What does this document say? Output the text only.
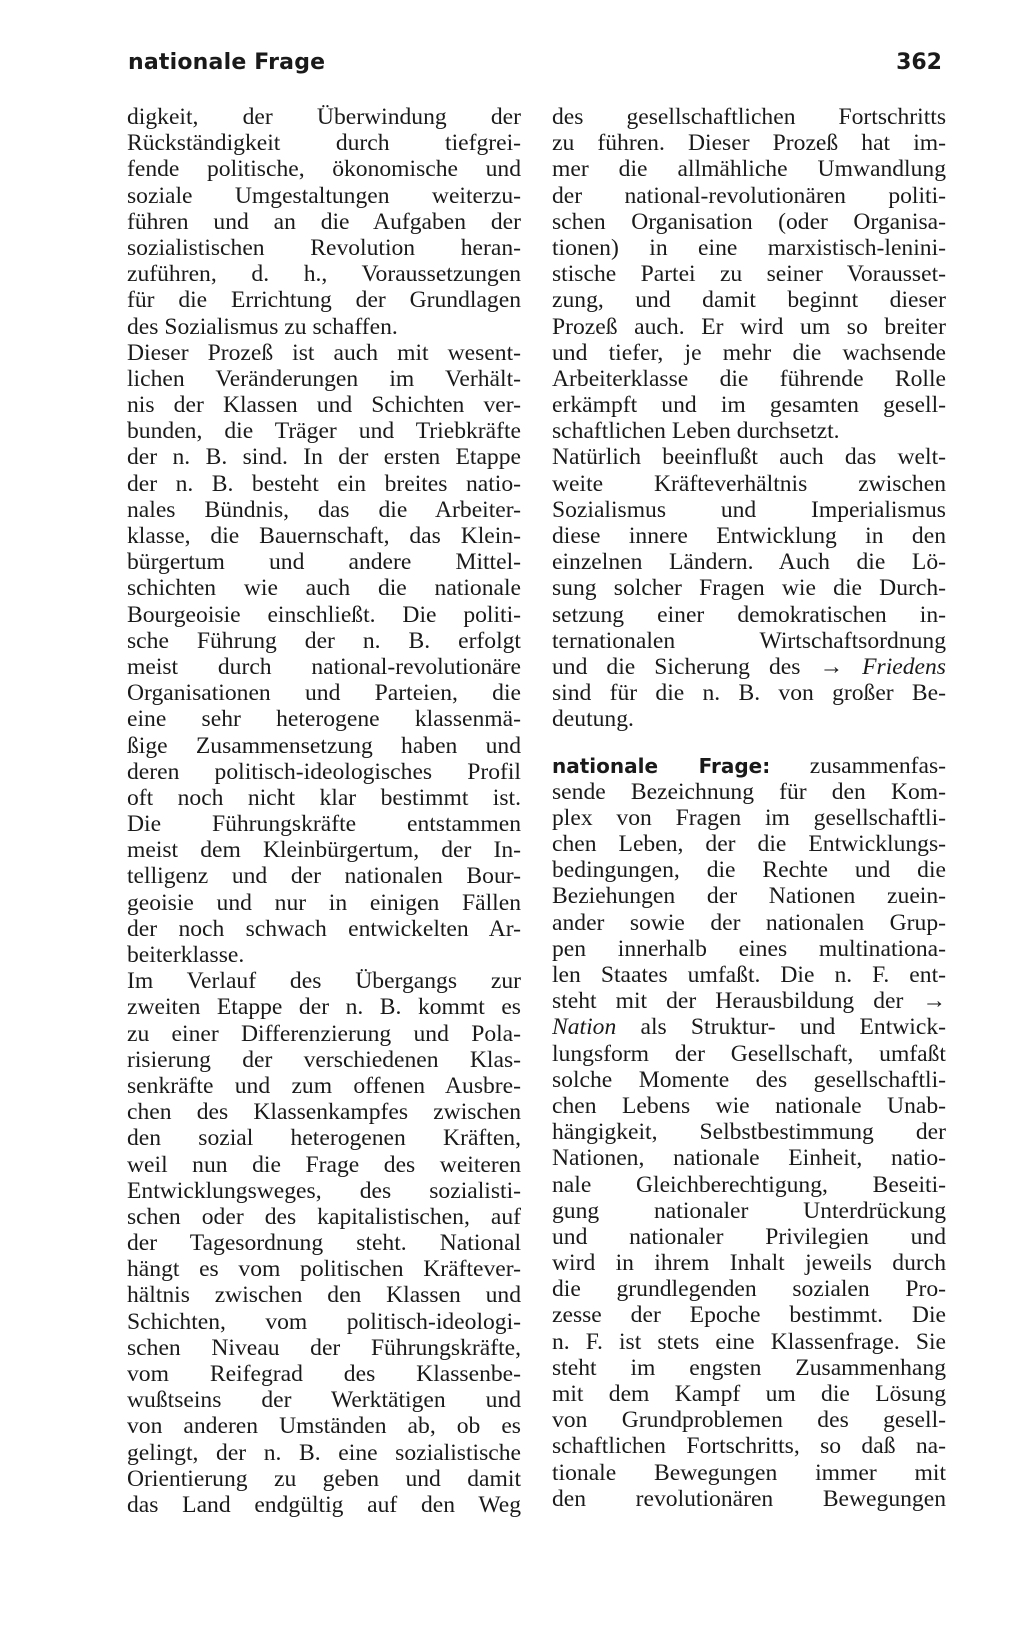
nationale Frage	362
digkeit, der Überwindung der
Rückständigkeit durch tiefgrei-
fende politische, ökonomische und
soziale Umgestaltungen weiterzu-
führen und an die Aufgaben der
sozialistischen Revolution heran-
zuführen, d. h., Voraussetzungen
für die Errichtung der Grundlagen
des Sozialismus zu schaffen.
Dieser Prozeß ist auch mit wesent-
lichen Veränderungen im Verhält-
nis der Klassen und Schichten ver-
bunden, die Träger und Triebkräfte
der n. B. sind. In der ersten Etappe
der n. B. besteht ein breites natio-
nales Bündnis, das die Arbeiter-
klasse, die Bauernschaft, das Klein-
bürgertum und andere Mittel-
schichten wie auch die nationale
Bourgeoisie einschließt. Die politi-
sche Führung der n. B. erfolgt
meist durch national-revolutionäre
Organisationen und Parteien, die
eine sehr heterogene klassenmä-
ßige Zusammensetzung haben und
deren politisch-ideologisches Profil
oft noch nicht klar bestimmt ist.
Die Führungskräfte entstammen
meist dem Kleinbürgertum, der In-
telligenz und der nationalen Bour-
geoisie und nur in einigen Fällen
der noch schwach entwickelten Ar-
beiterklasse.
Im Verlauf des Übergangs zur
zweiten Etappe der n. B. kommt es
zu einer Differenzierung und Pola-
risierung der verschiedenen Klas-
senkräfte und zum offenen Ausbre-
chen des Klassenkampfes zwischen
den sozial heterogenen Kräften,
weil nun die Frage des weiteren
Entwicklungsweges, des sozialisti-
schen oder des kapitalistischen, auf
der Tagesordnung steht. National
hängt es vom politischen Kräftever-
hältnis zwischen den Klassen und
Schichten, vom politisch-ideologi-
schen Niveau der Führungskräfte,
vom Reifegrad des Klassenbe-
wußtseins der Werktätigen und
von anderen Umständen ab, ob es
gelingt, der n. B. eine sozialistische
Orientierung zu geben und damit
das Land endgültig auf den Weg
des gesellschaftlichen Fortschritts
zu führen. Dieser Prozeß hat im-
mer die allmähliche Umwandlung
der national-revolutionären politi-
schen Organisation (oder Organisa-
tionen) in eine marxistisch-lenini-
stische Partei zu seiner Vorausset-
zung, und damit beginnt dieser
Prozeß auch. Er wird um so breiter
und tiefer, je mehr die wachsende
Arbeiterklasse die führende Rolle
erkämpft und im gesamten gesell-
schaftlichen Leben durchsetzt.
Natürlich beeinflußt auch das welt-
weite Kräfteverhältnis zwischen
Sozialismus und Imperialismus
diese innere Entwicklung in den
einzelnen Ländern. Auch die Lö-
sung solcher Fragen wie die Durch-
setzung einer demokratischen in-
ternationalen Wirtschaftsordnung
und die Sicherung des → Friedens
sind für die n. B. von großer Be-
deutung.
nationale Frage: zusammenfas-
sende Bezeichnung für den Kom-
plex von Fragen im gesellschaftli-
chen Leben, der die Entwicklungs-
bedingungen, die Rechte und die
Beziehungen der Nationen zuein-
ander sowie der nationalen Grup-
pen innerhalb eines multinationa-
len Staates umfaßt. Die n. F. ent-
steht mit der Herausbildung der →
Nation als Struktur- und Entwick-
lungsform der Gesellschaft, umfaßt
solche Momente des gesellschaftli-
chen Lebens wie nationale Unab-
hängigkeit, Selbstbestimmung der
Nationen, nationale Einheit, natio-
nale Gleichberechtigung, Beseiti-
gung nationaler Unterdrückung
und nationaler Privilegien und
wird in ihrem Inhalt jeweils durch
die grundlegenden sozialen Pro-
zesse der Epoche bestimmt. Die
n. F. ist stets eine Klassenfrage. Sie
steht im engsten Zusammenhang
mit dem Kampf um die Lösung
von Grundproblemen des gesell-
schaftlichen Fortschritts, so daß na-
tionale Bewegungen immer mit
den revolutionären Bewegungen
